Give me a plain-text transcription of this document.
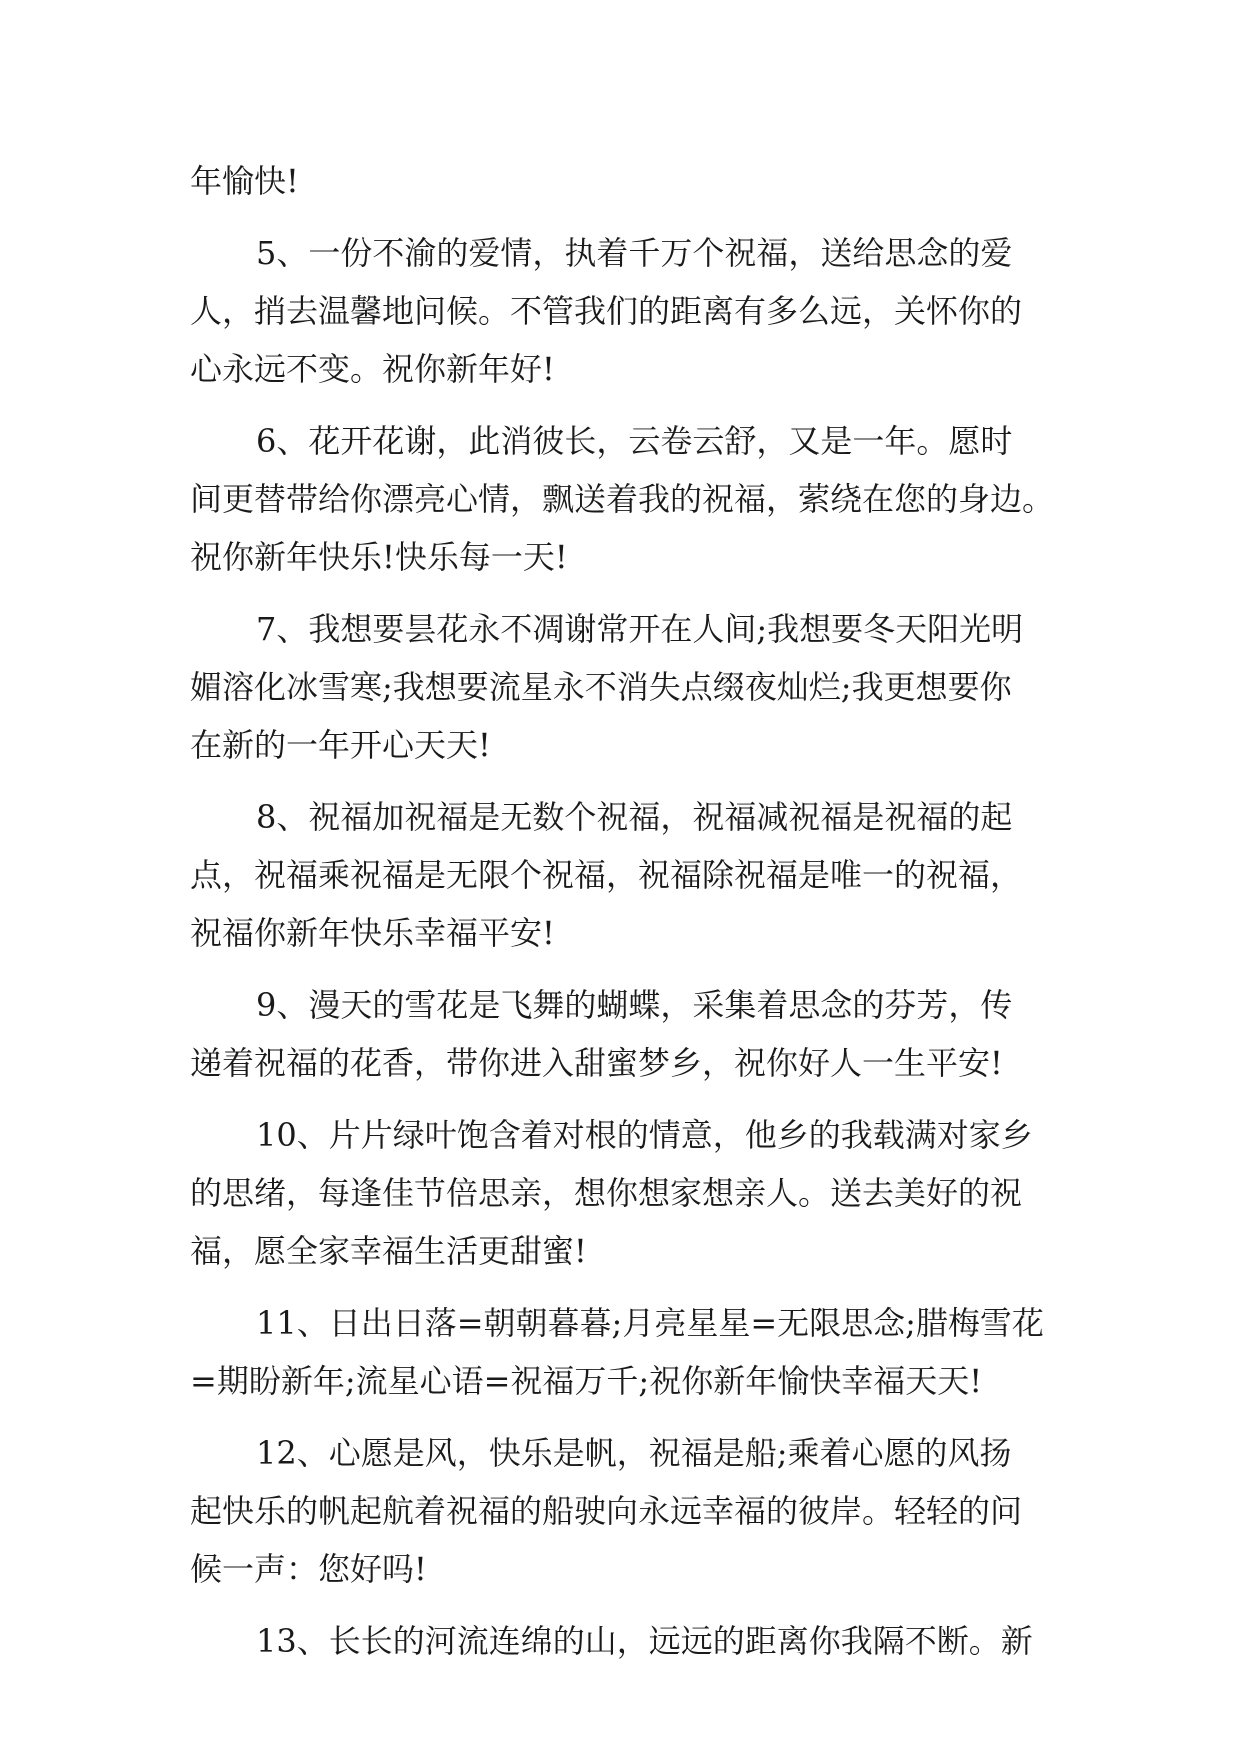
年愉快!
5、一份不渝的爱情，执着千万个祝福，送给思念的爱
人，捎去温馨地问候。不管我们的距离有多么远，关怀你的
心永远不变。祝你新年好!
6、花开花谢，此消彼长，云卷云舒，又是一年。愿时
间更替带给你漂亮心情，飘送着我的祝福，萦绕在您的身边。
祝你新年快乐!快乐每一天!
7、我想要昙花永不凋谢常开在人间;我想要冬天阳光明
媚溶化冰雪寒;我想要流星永不消失点缀夜灿烂;我更想要你
在新的一年开心天天!
8、祝福加祝福是无数个祝福，祝福减祝福是祝福的起
点，祝福乘祝福是无限个祝福，祝福除祝福是唯一的祝福，
祝福你新年快乐幸福平安!
9、漫天的雪花是飞舞的蝴蝶，采集着思念的芬芳，传
递着祝福的花香，带你进入甜蜜梦乡，祝你好人一生平安!
10、片片绿叶饱含着对根的情意，他乡的我载满对家乡
的思绪，每逢佳节倍思亲，想你想家想亲人。送去美好的祝
福，愿全家幸福生活更甜蜜!
11、日出日落=朝朝暮暮;月亮星星=无限思念;腊梅雪花
=期盼新年;流星心语=祝福万千;祝你新年愉快幸福天天!
12、心愿是风，快乐是帆，祝福是船;乘着心愿的风扬
起快乐的帆起航着祝福的船驶向永远幸福的彼岸。轻轻的问
候一声：您好吗!
13、长长的河流连绵的山，远远的距离你我隔不断。新
